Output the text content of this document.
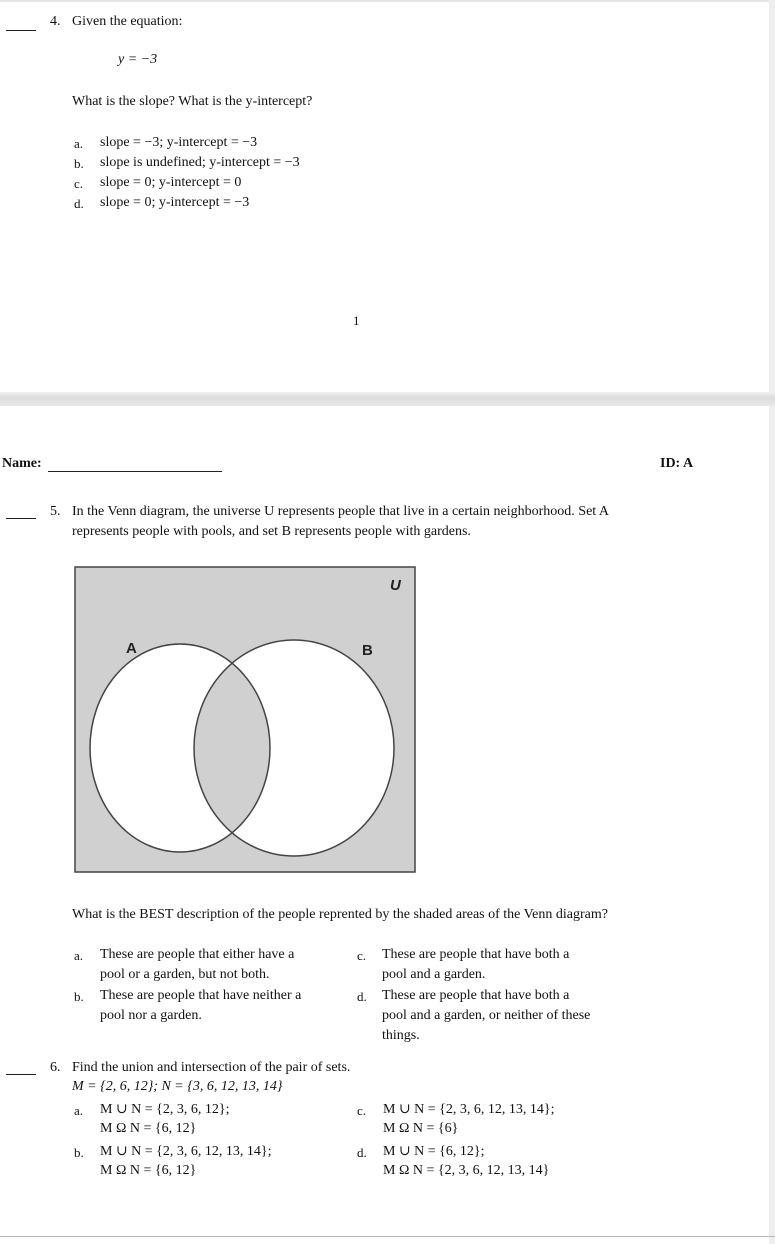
4. Given the equation:
y = −3
What is the slope? What is the y-intercept?
a. slope = −3; y-intercept = −3
b. slope is undefined; y-intercept = −3
c. slope = 0; y-intercept = 0
d. slope = 0; y-intercept = −3
1
Name:	ID: A
5. In the Venn diagram, the universe U represents people that live in a certain neighborhood. Set A
represents people with pools, and set B represents people with gardens.
U
A	B
What is the BEST description of the people reprented by the shaded areas of the Venn diagram?
a. These are people that either have a
pool or a garden, but not both.
b. These are people that have neither a
pool nor a garden.
c. These are people that have both a
pool and a garden.
d. These are people that have both a
pool and a garden, or neither of these
things.
6. Find the union and intersection of the pair of sets.
M = {2, 6, 12}; N = {3, 6, 12, 13, 14}
a. M ∪ N = {2, 3, 6, 12};
M Ω N = {6, 12}
b. M ∪ N = {2, 3, 6, 12, 13, 14};
M Ω N = {6, 12}
c. M ∪ N = {2, 3, 6, 12, 13, 14};
M Ω N = {6}
d. M ∪ N = {6, 12};
M Ω N = {2, 3, 6, 12, 13, 14}
